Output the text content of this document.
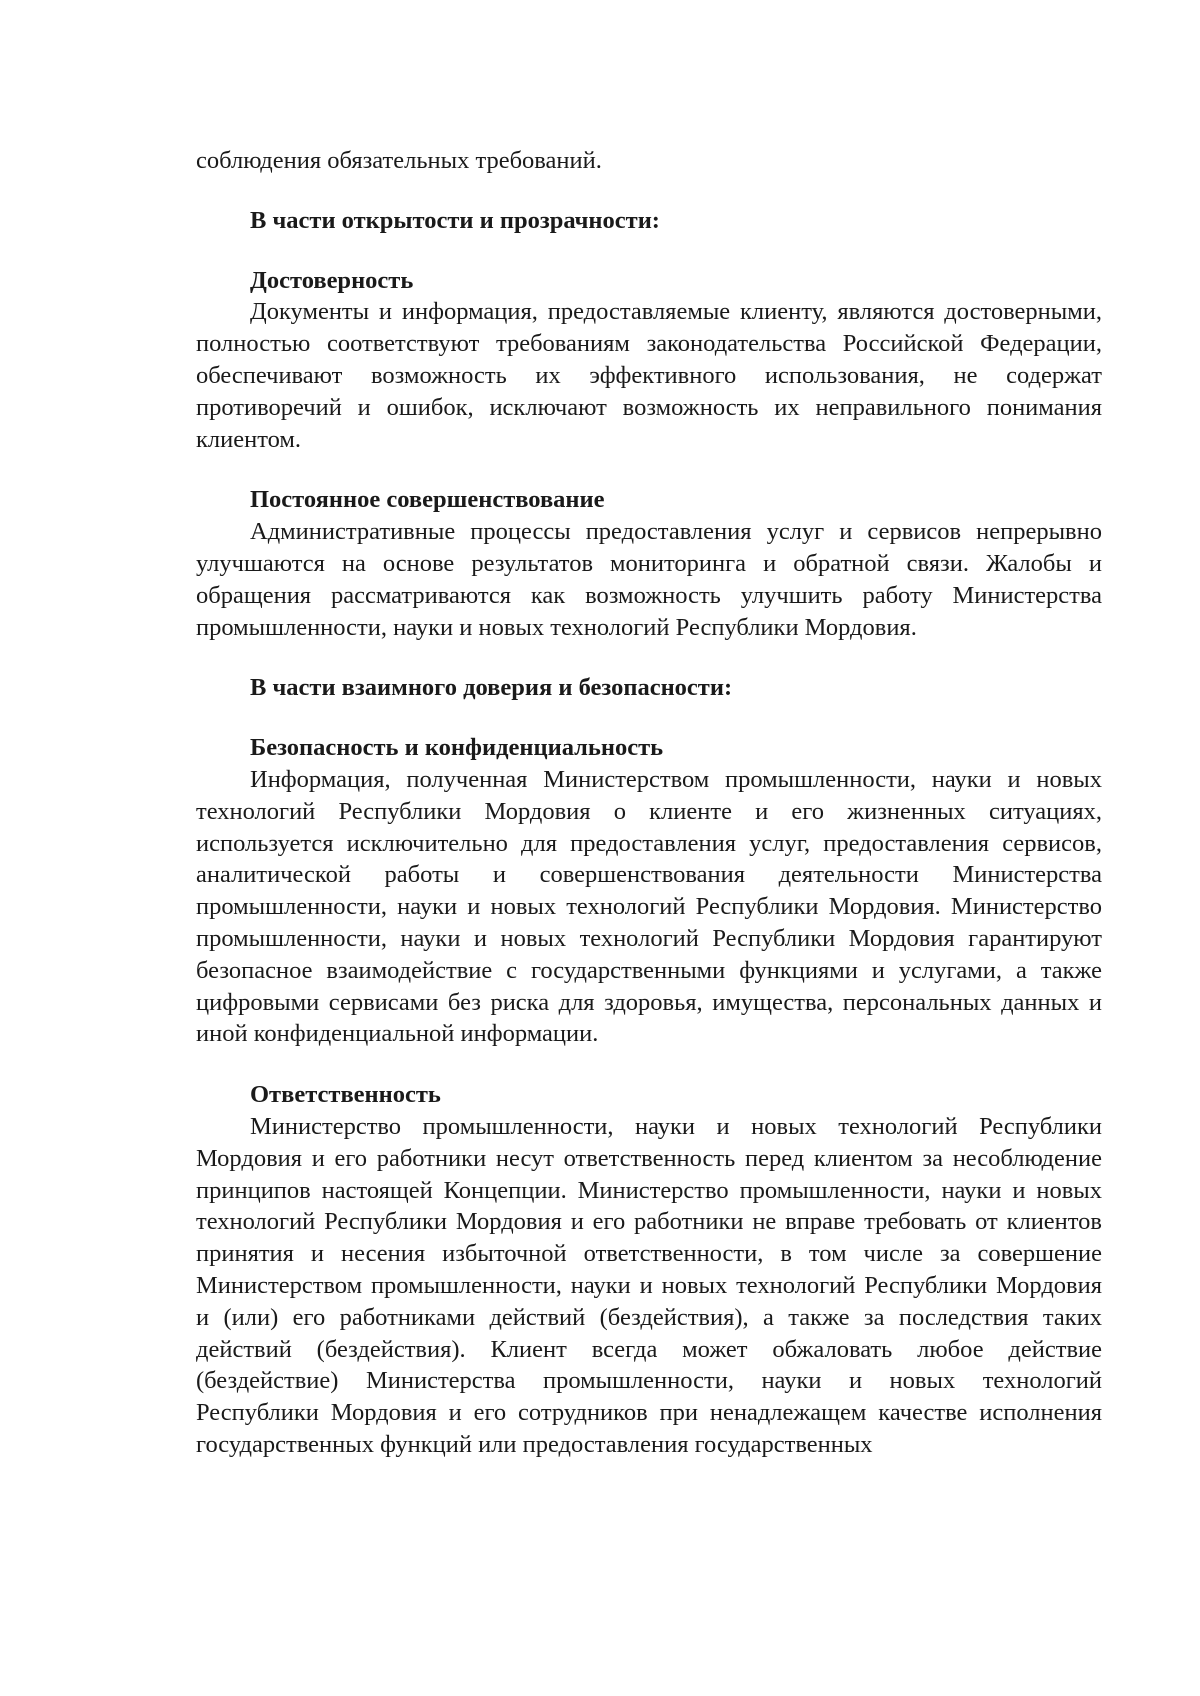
соблюдения обязательных требований.

В части открытости и прозрачности:
Достоверность

Документы и информация, предоставляемые клиенту, являются достоверными, полностью соответствуют требованиям законодательства Российской Федерации, обеспечивают возможность их эффективного использования, не содержат противоречий и ошибок, исключают возможность их неправильного понимания клиентом.

Постоянное совершенствование

Административные процессы предоставления услуг и сервисов непрерывно улучшаются на основе результатов мониторинга и обратной связи. Жалобы и обращения рассматриваются как возможность улучшить работу Министерства промышленности, науки и новых технологий Республики Мордовия.

В части взаимного доверия и безопасности:
Безопасность и конфиденциальность

Информация, полученная Министерством промышленности, науки и новых технологий Республики Мордовия о клиенте и его жизненных ситуациях, используется исключительно для предоставления услуг, предоставления сервисов, аналитической работы и совершенствования деятельности Министерства промышленности, науки и новых технологий Республики Мордовия. Министерство промышленности, науки и новых технологий Республики Мордовия гарантируют безопасное взаимодействие с государственными функциями и услугами, а также цифровыми сервисами без риска для здоровья, имущества, персональных данных и иной конфиденциальной информации.

Ответственность

Министерство промышленности, науки и новых технологий Республики Мордовия и его работники несут ответственность перед клиентом за несоблюдение принципов настоящей Концепции. Министерство промышленности, науки и новых технологий Республики Мордовия и его работники не вправе требовать от клиентов принятия и несения избыточной ответственности, в том числе за совершение Министерством промышленности, науки и новых технологий Республики Мордовия и (или) его работниками действий (бездействия), а также за последствия таких действий (бездействия). Клиент всегда может обжаловать любое действие (бездействие) Министерства промышленности, науки и новых технологий Республики Мордовия и его сотрудников при ненадлежащем качестве исполнения государственных функций или предоставления государственных
